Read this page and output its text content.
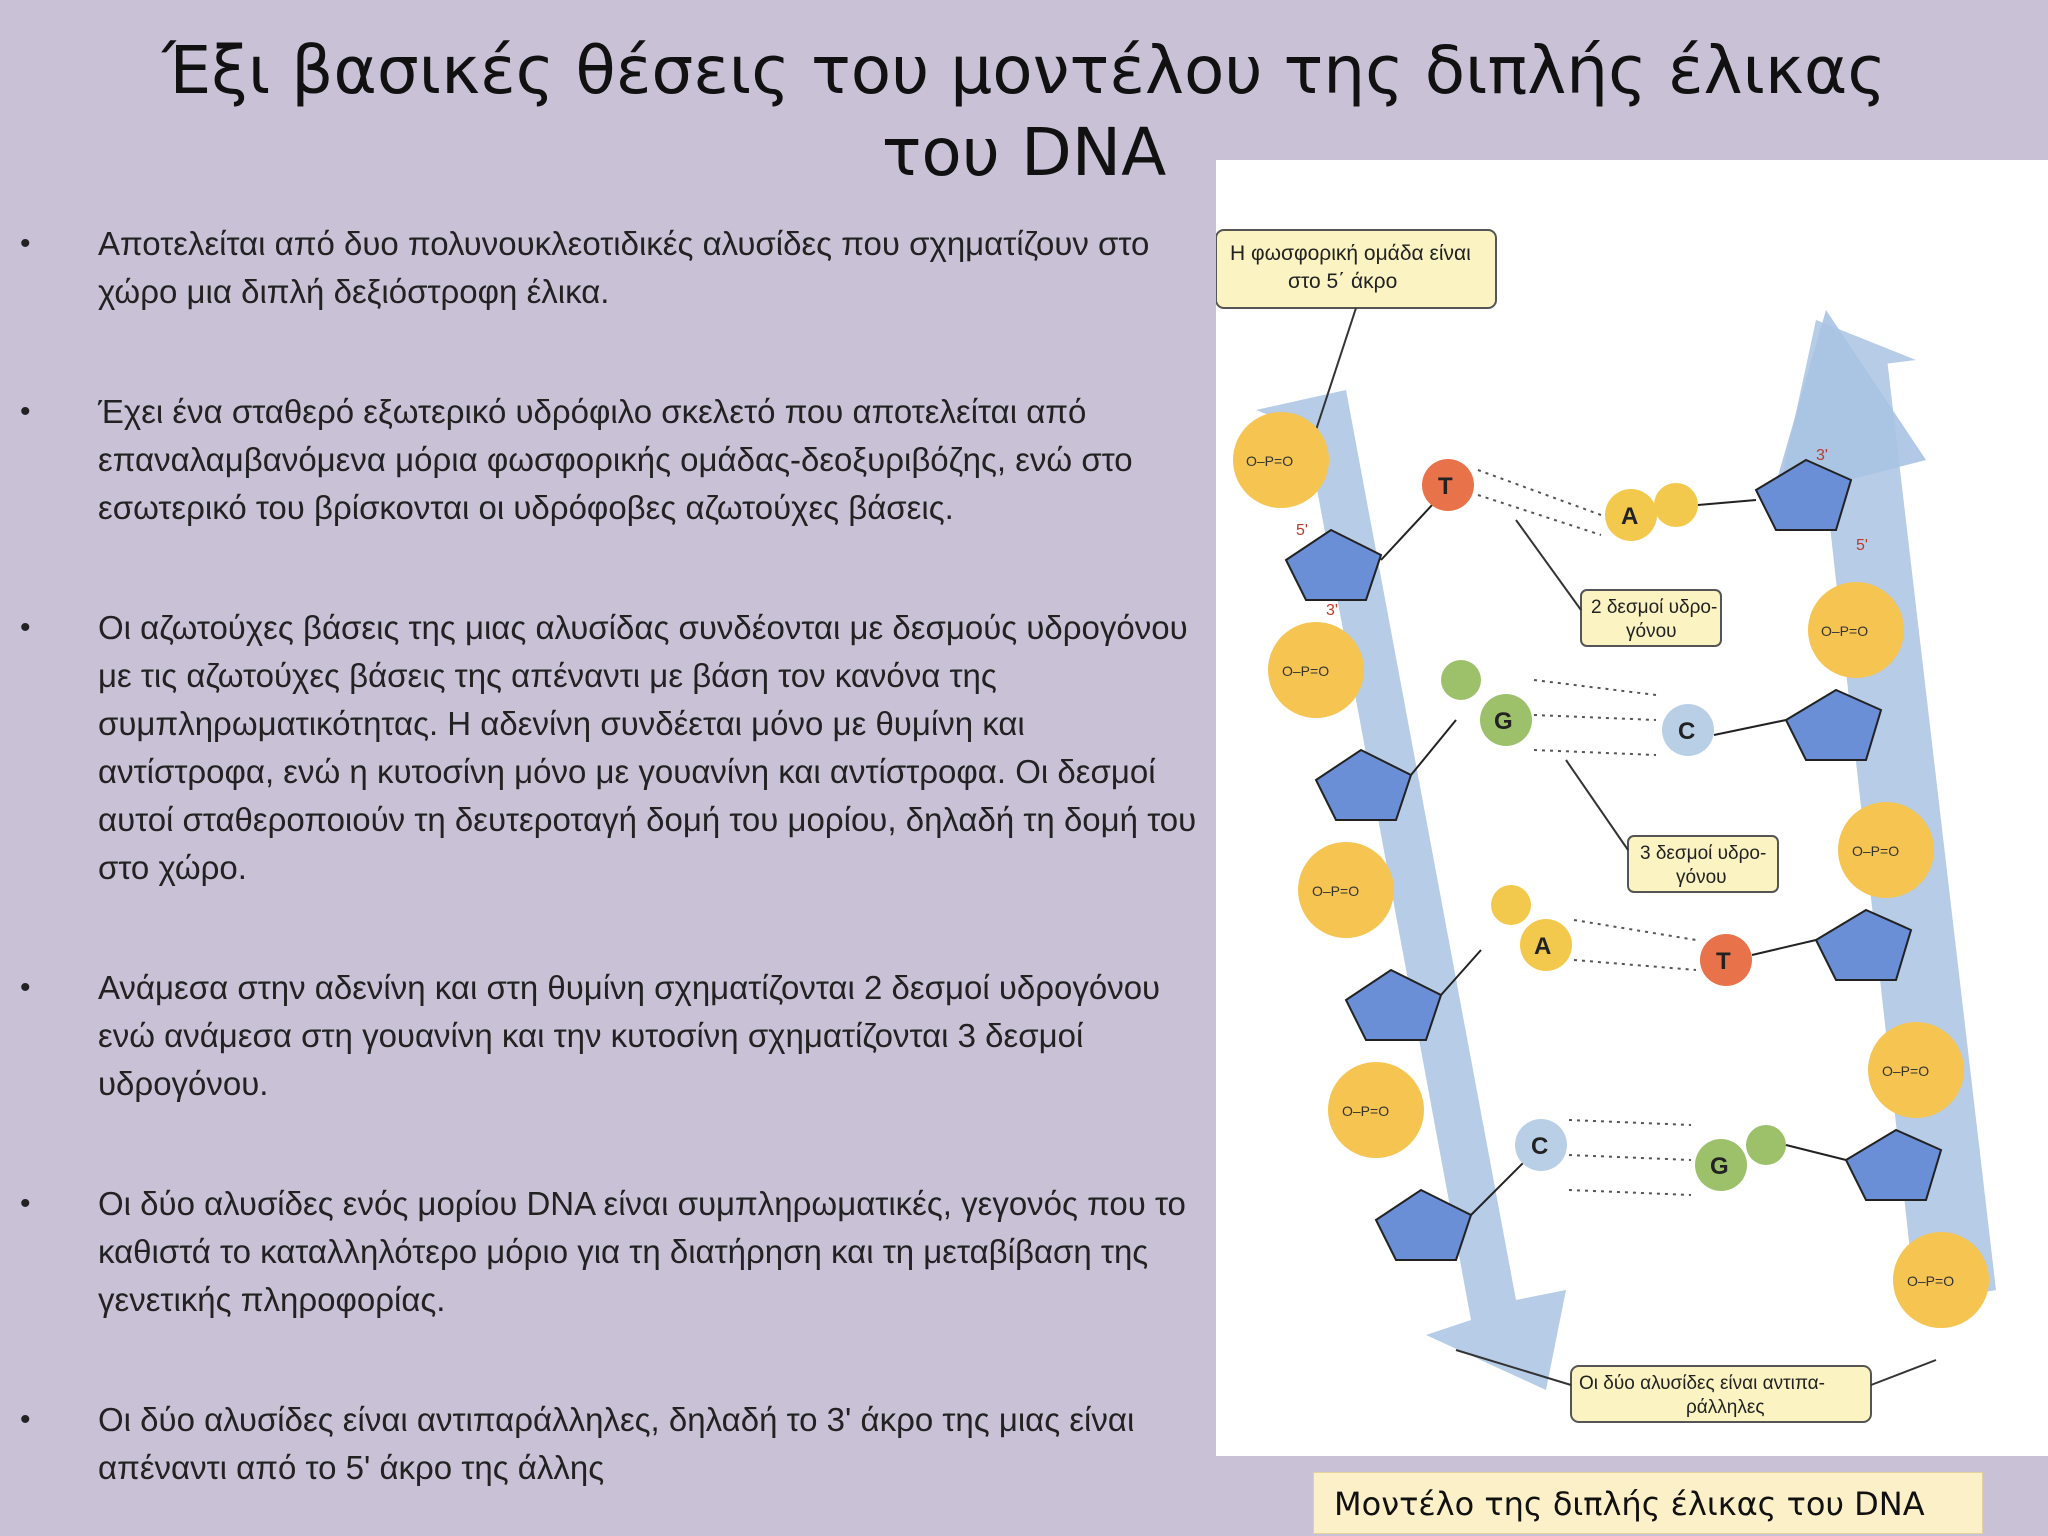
Έξι βασικές θέσεις του μοντέλου της διπλής έλικας του DNA
• Αποτελείται από δυο πολυνουκλεοτιδικές αλυσίδες που σχηματίζουν στο χώρο μια διπλή δεξιόστροφη έλικα.
• Έχει ένα σταθερό εξωτερικό υδρόφιλο σκελετό που αποτελείται από επαναλαμβανόμενα μόρια φωσφορικής ομάδας-δεοξυριβόζης, ενώ στο εσωτερικό του βρίσκονται οι υδρόφοβες αζωτούχες βάσεις.
• Οι αζωτούχες βάσεις της μιας αλυσίδας συνδέονται με δεσμούς υδρογόνου με τις αζωτούχες βάσεις της απέναντι με βάση τον κανόνα της συμπληρωματικότητας. Η αδενίνη συνδέεται μόνο με θυμίνη και αντίστροφα, ενώ η κυτοσίνη μόνο με γουανίνη και αντίστροφα. Οι δεσμοί αυτοί σταθεροποιούν τη δευτεροταγή δομή του μορίου, δηλαδή τη δομή του στο χώρο.
• Ανάμεσα στην αδενίνη και στη θυμίνη σχηματίζονται 2 δεσμοί υδρογόνου ενώ ανάμεσα στη γουανίνη και την κυτοσίνη σχηματίζονται 3 δεσμοί υδρογόνου.
• Οι δύο αλυσίδες ενός μορίου DNA είναι συμπληρωματικές, γεγονός που το καθιστά το καταλληλότερο μόριο για τη διατήρηση και τη μεταβίβαση της γενετικής πληροφορίας.
• Οι δύο αλυσίδες είναι αντιπαράλληλες, δηλαδή το 3' άκρο της μιας είναι απέναντι από το 5' άκρο της άλλης
Η φωσφορική ομάδα είναι
στο 5΄ άκρο
O–P=O
O–P=O
O–P=O
O–P=O
O–P=O
O–P=O
O–P=O
O–P=O
3'
5'
3'
5'
T
A
2 δεσμοί υδρο-
γόνου
G	C
3 δεσμοί υδρο-
γόνου
A
T
C
G
Οι δύο αλυσίδες είναι αντιπα-
ράλληλες
Μοντέλο της διπλής έλικας του DNA
